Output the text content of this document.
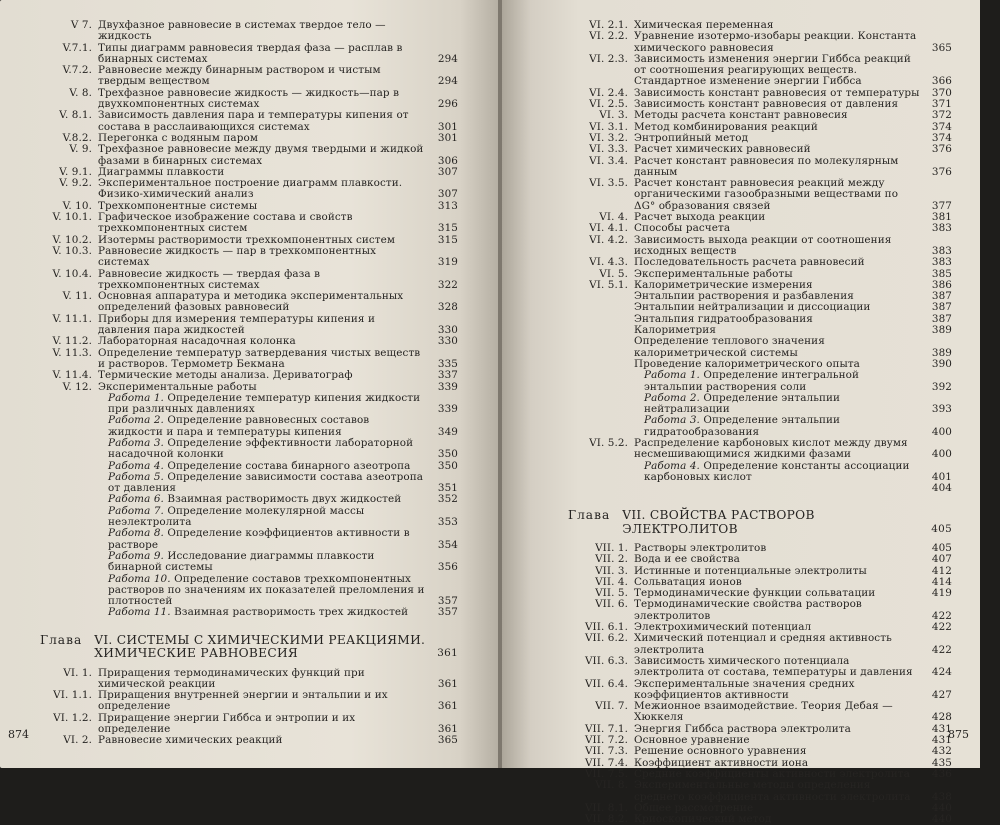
V 7. Двухфазное равновесие в системах твердое тело — жидкость
V.7.1. Типы диаграмм равновесия твердая фаза — расплав в бинарных системах	294
V.7.2. Равновесие между бинарным раствором и чистым твердым веществом	294
V. 8. Трехфазное равновесие жидкость — жидкость—пар в двухкомпонентных системах	296
V. 8.1. Зависимость давления пара и температуры кипения от состава в расслаивающихся системах	301
V.8.2. Перегонка с водяным паром	301
V. 9. Трехфазное равновесие между двумя твердыми и жидкой фазами в бинарных системах	306
V. 9.1. Диаграммы плавкости	307
V. 9.2. Экспериментальное построение диаграмм плавкости. Физико-химический анализ	307
V. 10. Трехкомпонентные системы	313
V. 10.1. Графическое изображение состава и свойств трехкомпонентных систем	315
V. 10.2. Изотермы растворимости трехкомпонентных систем	315
V. 10.3. Равновесие жидкость — пар в трехкомпонентных системах	319
V. 10.4. Равновесие жидкость — твердая фаза в трехкомпонентных системах	322
V. 11. Основная аппаратура и методика экспериментальных определений фазовых равновесий	328
V. 11.1. Приборы для измерения температуры кипения и давления пара жидкостей	330
V. 11.2. Лабораторная насадочная колонка	330
V. 11.3. Определение температур затвердевания чистых веществ и растворов. Термометр Бекмана	335
V. 11.4. Термические методы анализа. Дериватограф	337
V. 12. Экспериментальные работы	339
Работа 1. Определение температур кипения жидкости при различных давлениях	339
Работа 2. Определение равновесных составов жидкости и пара и температуры кипения	349
Работа 3. Определение эффективности лабораторной насадочной колонки	350
Работа 4. Определение состава бинарного азеотропа	350
Работа 5. Определение зависимости состава азеотропа от давления	351
Работа 6. Взаимная растворимость двух жидкостей	352
Работа 7. Определение молекулярной массы неэлектролита	353
Работа 8. Определение коэффициентов активности в растворе	354
Работа 9. Исследование диаграммы плавкости бинарной системы	356
Работа 10. Определение составов трехкомпонентных растворов по значениям их показателей преломления и плотностей	357
Работа 11. Взаимная растворимость трех жидкостей	357
Глава VI. СИСТЕМЫ С ХИМИЧЕСКИМИ РЕАКЦИЯМИ. ХИМИЧЕСКИЕ РАВНОВЕСИЯ	361
VI. 1. Приращения термодинамических функций при химической реакции	361
VI. 1.1. Приращения внутренней энергии и энтальпии и их определение	361
VI. 1.2. Приращение энергии Гиббса и энтропии и их определение	361
VI. 2. Равновесие химических реакций	365
874
VI. 2.1. Химическая переменная
VI. 2.2. Уравнение изотермо-изобары реакции. Константа химического равновесия	365
VI. 2.3. Зависимость изменения энергии Гиббса реакций от соотношения реагирующих веществ. Стандартное изменение энергии Гиббса	366
VI. 2.4. Зависимость констант равновесия от температуры 370
VI. 2.5. Зависимость констант равновесия от давления	371
VI. 3. Методы расчета констант равновесия	372
VI. 3.1. Метод комбинирования реакций	374
VI. 3.2. Энтропийный метод	374
VI. 3.3. Расчет химических равновесий	376
VI. 3.4. Расчет констант равновесия по молекулярным данным	376
VI. 3.5. Расчет констант равновесия реакций между органическими газообразными веществами по ΔG° образования связей	377
VI. 4. Расчет выхода реакции	381
VI. 4.1. Способы расчета	383
VI. 4.2. Зависимость выхода реакции от соотношения исходных веществ	383
VI. 4.3. Последовательность расчета равновесий	383
VI. 5. Экспериментальные работы	385
VI. 5.1. Калориметрические измерения	386
Энтальпии растворения и разбавления	387
Энтальпии нейтрализации и диссоциации	387
Энтальпия гидратообразования	387
Калориметрия	389
Определение теплового значения калориметрической системы	389
Проведение калориметрического опыта	390
Работа 1. Определение интегральной энтальпии растворения соли	392
Работа 2. Определение энтальпии нейтрализации	393
Работа 3. Определение энтальпии гидратообразования	400
VI. 5.2. Распределение карбоновых кислот между двумя несмешивающимися жидкими фазами	400
Работа 4. Определение константы ассоциации карбоновых кислот	401
404
Глава VII. СВОЙСТВА РАСТВОРОВ ЭЛЕКТРОЛИТОВ	405
VII. 1. Растворы электролитов	405
VII. 2. Вода и ее свойства	407
VII. 3. Истинные и потенциальные электролиты	412
VII. 4. Сольватация ионов	414
VII. 5. Термодинамические функции сольватации	419
VII. 6. Термодинамические свойства растворов электролитов	422
VII. 6.1. Электрохимический потенциал	422
VII. 6.2. Химический потенциал и средняя активность электролита	422
VII. 6.3. Зависимость химического потенциала электролита от состава, температуры и давления	424
VII. 6.4. Экспериментальные значения средних коэффициентов активности	427
VII. 7. Межионное взаимодействие. Теория Дебая — Хюккеля	428
VII. 7.1. Энергия Гиббса раствора электролита	431
VII. 7.2. Основное уравнение	431
VII. 7.3. Решение основного уравнения	432
VII. 7.4. Коэффициент активности иона	435
VII. 7.5. Средние коэффициенты активности электролита	436
VII. 8. Экспериментальные методы определения среднего коэффициента активности электролита	438
VII. 8.1. Общее рассмотрение	440
VII. 8.2. Криоскопический метод	440
875
